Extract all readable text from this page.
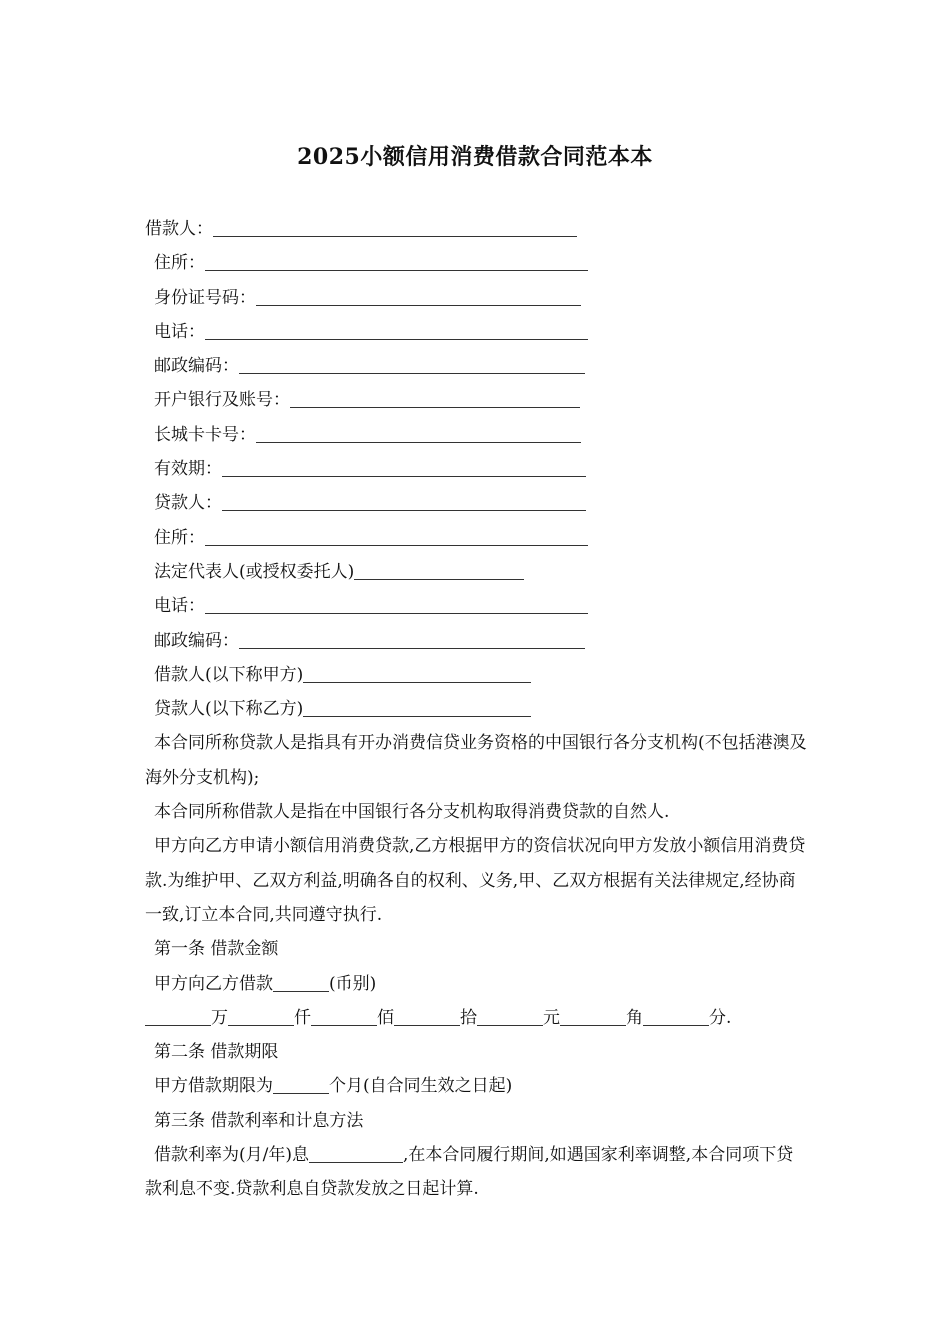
2025小额信用消费借款合同范本本
借款人：
住所：
身份证号码：
电话：
邮政编码：
开户银行及账号：
长城卡卡号：
有效期：
贷款人：
住所：
法定代表人(或授权委托人)
电话：
邮政编码：
借款人(以下称甲方)
贷款人(以下称乙方)
本合同所称贷款人是指具有开办消费信贷业务资格的中国银行各分支机构(不包括港澳及海外分支机构);
本合同所称借款人是指在中国银行各分支机构取得消费贷款的自然人.
甲方向乙方申请小额信用消费贷款,乙方根据甲方的资信状况向甲方发放小额信用消费贷款.为维护甲、乙双方利益,明确各自的权利、义务,甲、乙双方根据有关法律规定,经协商一致,订立本合同,共同遵守执行.
第一条 借款金额
甲方向乙方借款	(币别)
万	仟	佰	拾	元	角	分.
第二条 借款期限
甲方借款期限为	个月(自合同生效之日起)
第三条 借款利率和计息方法
借款利率为(月/年)息	,在本合同履行期间,如遇国家利率调整,本合同项下贷款利息不变.贷款利息自贷款发放之日起计算.
